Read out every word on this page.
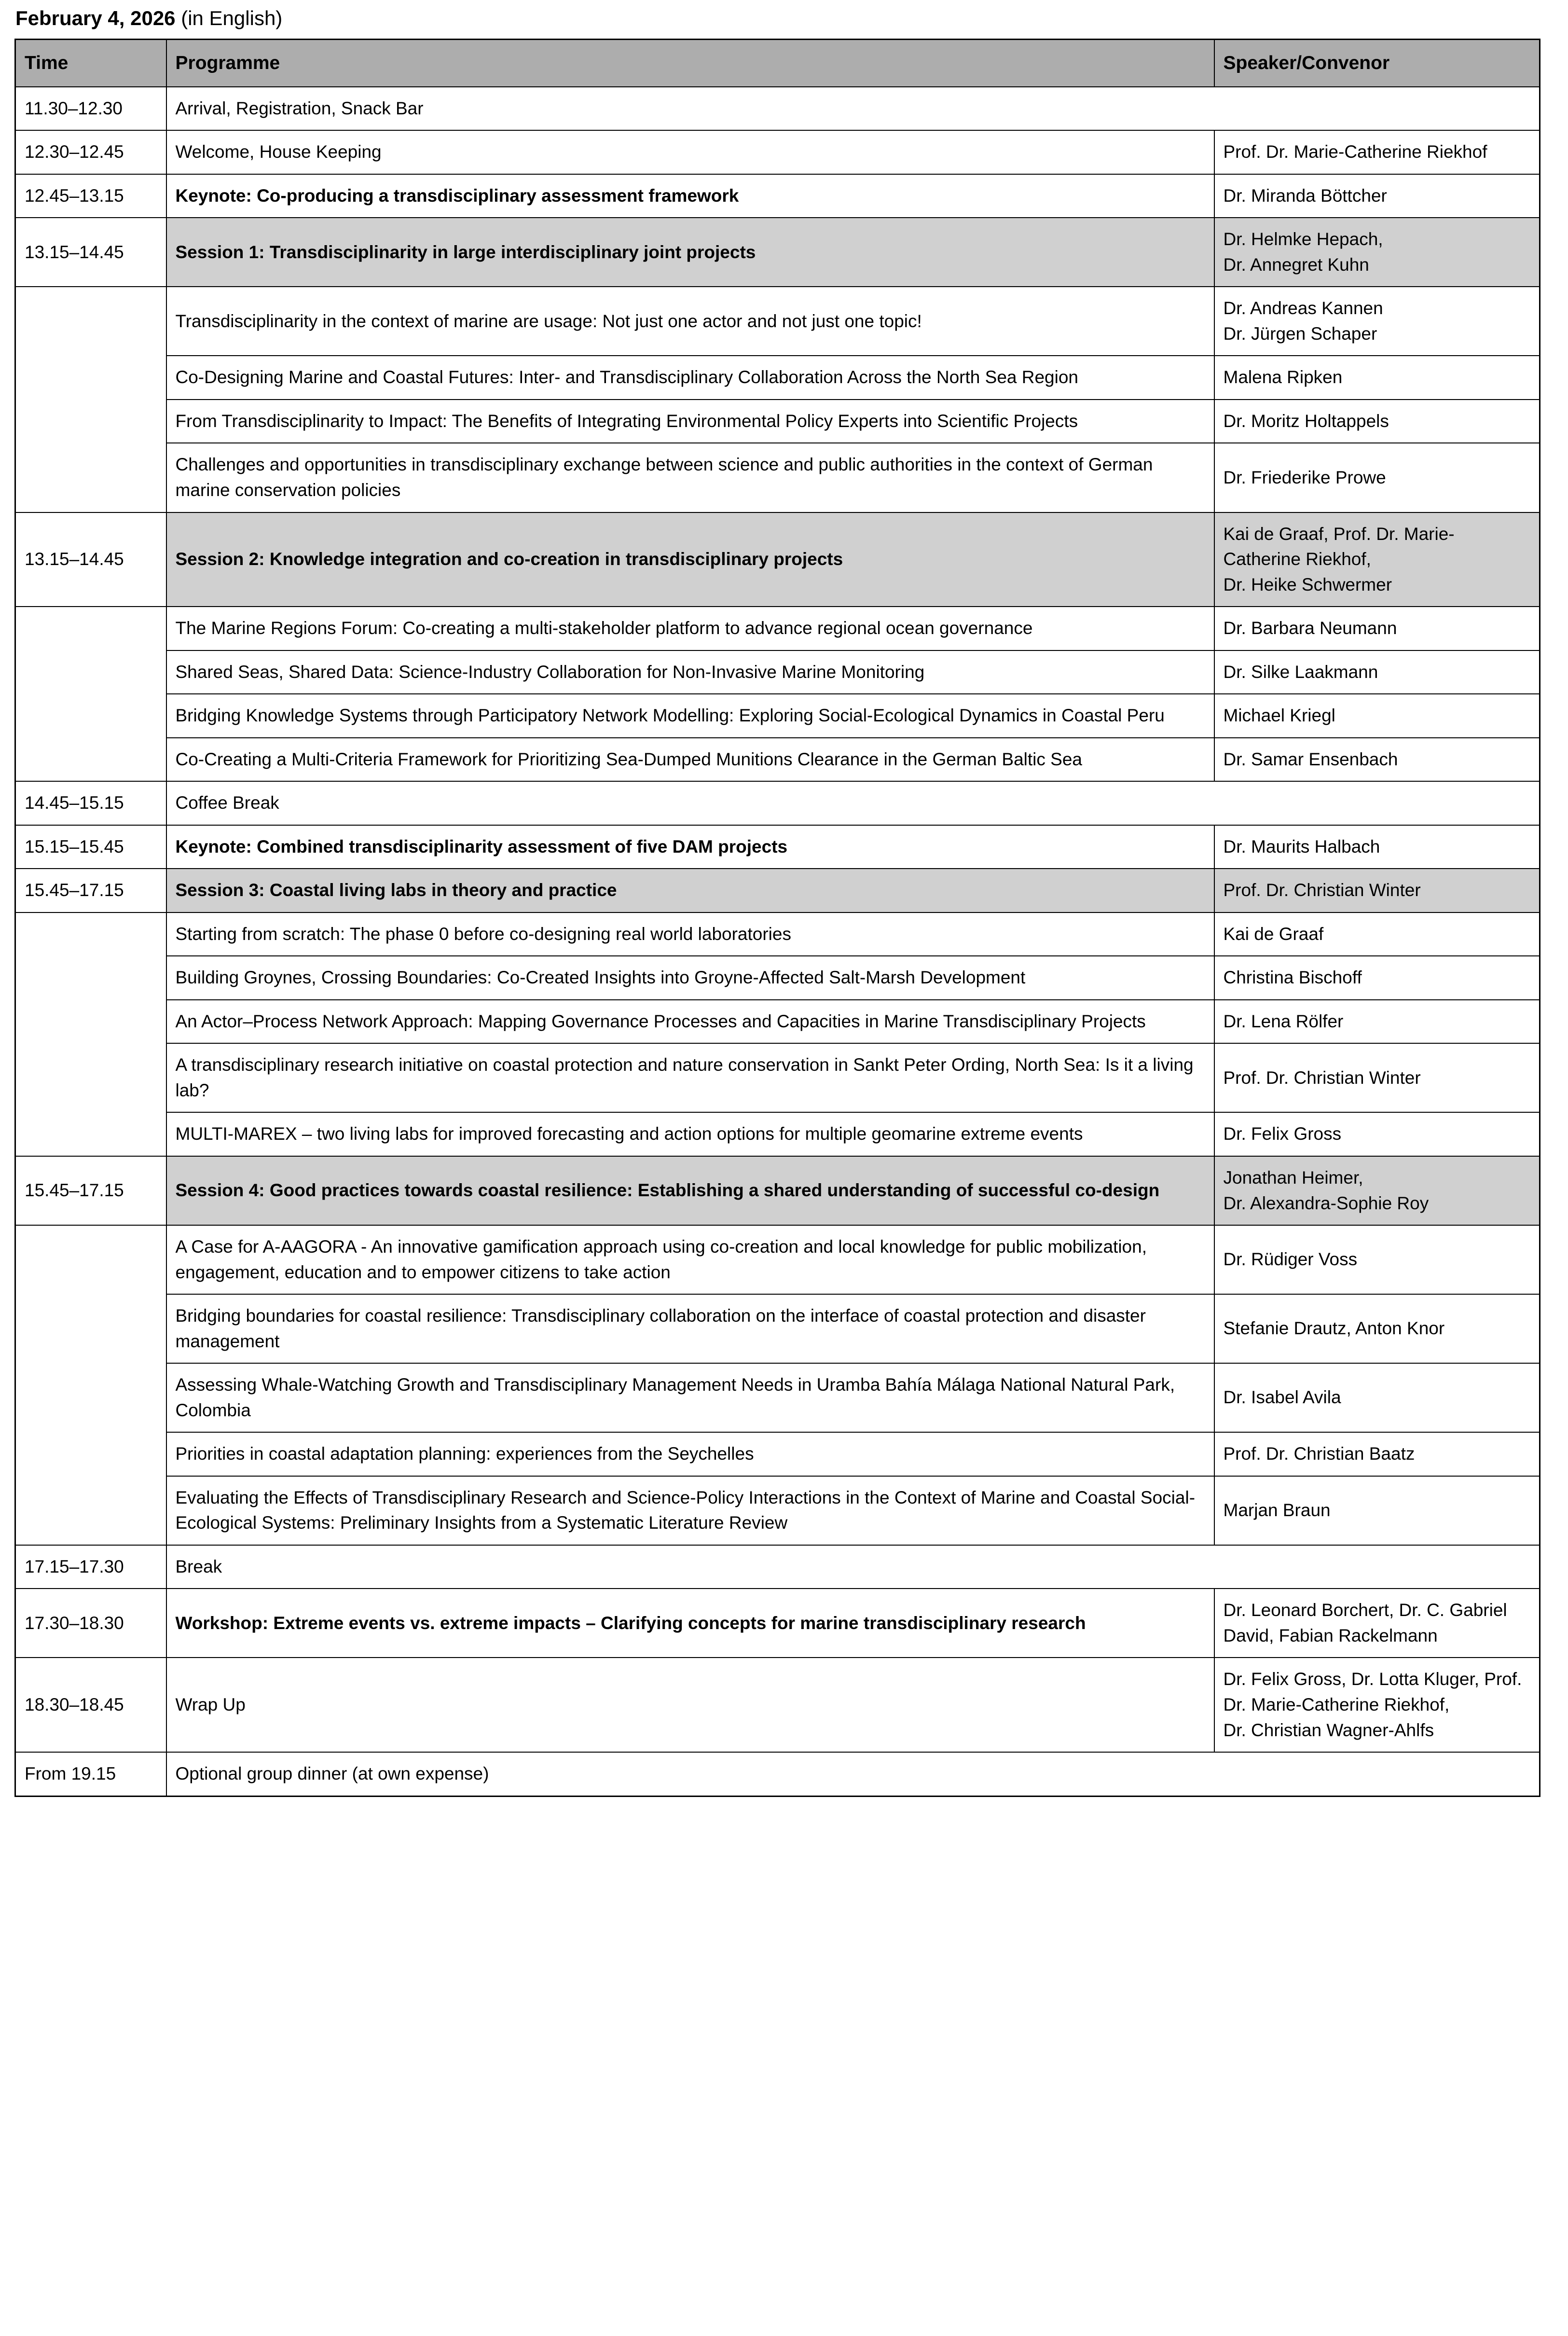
February 4, 2026 (in English)
Time	Programme	Speaker/Convenor
11.30–12.30	Arrival, Registration, Snack Bar	
12.30–12.45	Welcome, House Keeping	Prof. Dr. Marie-Catherine Riekhof
12.45–13.15	Keynote: Co-producing a transdisciplinary assessment framework	Dr. Miranda Böttcher
13.15–14.45	Session 1: Transdisciplinarity in large interdisciplinary joint projects	Dr. Helmke Hepach,
Dr. Annegret Kuhn
	Transdisciplinarity in the context of marine are usage: Not just one actor and not just one topic!	Dr. Andreas Kannen
Dr. Jürgen Schaper
	Co-Designing Marine and Coastal Futures: Inter- and Transdisciplinary Collaboration Across the North Sea Region	Malena Ripken
	From Transdisciplinarity to Impact: The Benefits of Integrating Environmental Policy Experts into Scientific Projects	Dr. Moritz Holtappels
	Challenges and opportunities in transdisciplinary exchange between science and public authorities in the context of German marine conservation policies	Dr. Friederike Prowe
13.15–14.45	Session 2: Knowledge integration and co-creation in transdisciplinary projects	Kai de Graaf, Prof. Dr. Marie-Catherine Riekhof,
Dr. Heike Schwermer
	The Marine Regions Forum: Co-creating a multi-stakeholder platform to advance regional ocean governance	Dr. Barbara Neumann
	Shared Seas, Shared Data: Science-Industry Collaboration for Non-Invasive Marine Monitoring	Dr. Silke Laakmann
	Bridging Knowledge Systems through Participatory Network Modelling: Exploring Social-Ecological Dynamics in Coastal Peru	Michael Kriegl
	Co-Creating a Multi-Criteria Framework for Prioritizing Sea-Dumped Munitions Clearance in the German Baltic Sea	Dr. Samar Ensenbach
14.45–15.15	Coffee Break	
15.15–15.45	Keynote: Combined transdisciplinarity assessment of five DAM projects	Dr. Maurits Halbach
15.45–17.15	Session 3: Coastal living labs in theory and practice	Prof. Dr. Christian Winter
	Starting from scratch: The phase 0 before co-designing real world laboratories	Kai de Graaf
	Building Groynes, Crossing Boundaries: Co-Created Insights into Groyne-Affected Salt-Marsh Development	Christina Bischoff
	An Actor–Process Network Approach: Mapping Governance Processes and Capacities in Marine Transdisciplinary Projects	Dr. Lena Rölfer
	A transdisciplinary research initiative on coastal protection and nature conservation in Sankt Peter Ording, North Sea: Is it a living lab?	Prof. Dr. Christian Winter
	MULTI-MAREX – two living labs for improved forecasting and action options for multiple geomarine extreme events	Dr. Felix Gross
15.45–17.15	Session 4: Good practices towards coastal resilience: Establishing a shared understanding of successful co-design	Jonathan Heimer,
Dr. Alexandra-Sophie Roy
	A Case for A-AAGORA - An innovative gamification approach using co-creation and local knowledge for public mobilization, engagement, education and to empower citizens to take action	Dr. Rüdiger Voss
	Bridging boundaries for coastal resilience: Transdisciplinary collaboration on the interface of coastal protection and disaster management	Stefanie Drautz, Anton Knor
	Assessing Whale-Watching Growth and Transdisciplinary Management Needs in Uramba Bahía Málaga National Natural Park, Colombia	Dr. Isabel Avila
	Priorities in coastal adaptation planning: experiences from the Seychelles	Prof. Dr. Christian Baatz
	Evaluating the Effects of Transdisciplinary Research and Science-Policy Interactions in the Context of Marine and Coastal Social-Ecological Systems: Preliminary Insights from a Systematic Literature Review	Marjan Braun
17.15–17.30	Break	
17.30–18.30	Workshop: Extreme events vs. extreme impacts – Clarifying concepts for marine transdisciplinary research	Dr. Leonard Borchert, Dr. C. Gabriel David, Fabian Rackelmann
18.30–18.45	Wrap Up	Dr. Felix Gross, Dr. Lotta Kluger, Prof. Dr. Marie-Catherine Riekhof,
Dr. Christian Wagner-Ahlfs
From 19.15	Optional group dinner (at own expense)	
